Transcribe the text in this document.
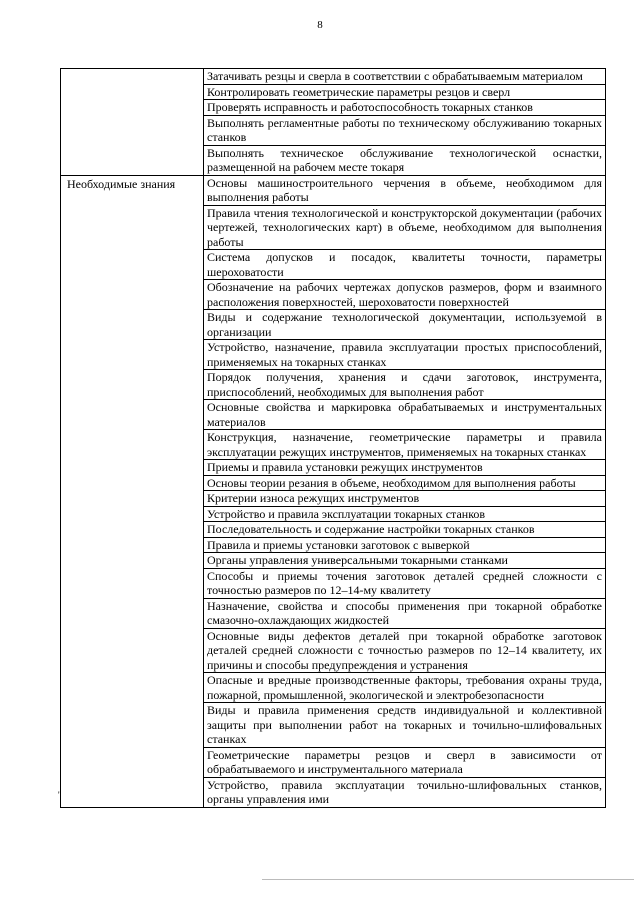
8
	Затачивать резцы и сверла в соответствии с обрабатываемым материалом
	Контролировать геометрические параметры резцов и сверл
	Проверять исправность и работоспособность токарных станков
	Выполнять регламентные работы по техническому обслуживанию токарных станков
	Выполнять техническое обслуживание технологической оснастки, размещенной на рабочем месте токаря
Необходимые знания	Основы машиностроительного черчения в объеме, необходимом для выполнения работы
	Правила чтения технологической и конструкторской документации (рабочих чертежей, технологических карт) в объеме, необходимом для выполнения работы
	Система допусков и посадок, квалитеты точности, параметры шероховатости
	Обозначение на рабочих чертежах допусков размеров, форм и взаимного расположения поверхностей, шероховатости поверхностей
	Виды и содержание технологической документации, используемой в организации
	Устройство, назначение, правила эксплуатации простых приспособлений, применяемых на токарных станках
	Порядок получения, хранения и сдачи заготовок, инструмента, приспособлений, необходимых для выполнения работ
	Основные свойства и маркировка обрабатываемых и инструментальных материалов
	Конструкция, назначение, геометрические параметры и правила эксплуатации режущих инструментов, применяемых на токарных станках
	Приемы и правила установки режущих инструментов
	Основы теории резания в объеме, необходимом для выполнения работы
	Критерии износа режущих инструментов
	Устройство и правила эксплуатации токарных станков
	Последовательность и содержание настройки токарных станков
	Правила и приемы установки заготовок с выверкой
	Органы управления универсальными токарными станками
	Способы и приемы точения заготовок деталей средней сложности с точностью размеров по 12–14-му квалитету
	Назначение, свойства и способы применения при токарной обработке смазочно-охлаждающих жидкостей
	Основные виды дефектов деталей при токарной обработке заготовок деталей средней сложности с точностью размеров по 12–14 квалитету, их причины и способы предупреждения и устранения
	Опасные и вредные производственные факторы, требования охраны труда, пожарной, промышленной, экологической и электробезопасности
	Виды и правила применения средств индивидуальной и коллективной защиты при выполнении работ на токарных и точильно-шлифовальных станках
	Геометрические параметры резцов и сверл в зависимости от обрабатываемого и инструментального материала
	Устройство, правила эксплуатации точильно-шлифовальных станков, органы управления ими
'
